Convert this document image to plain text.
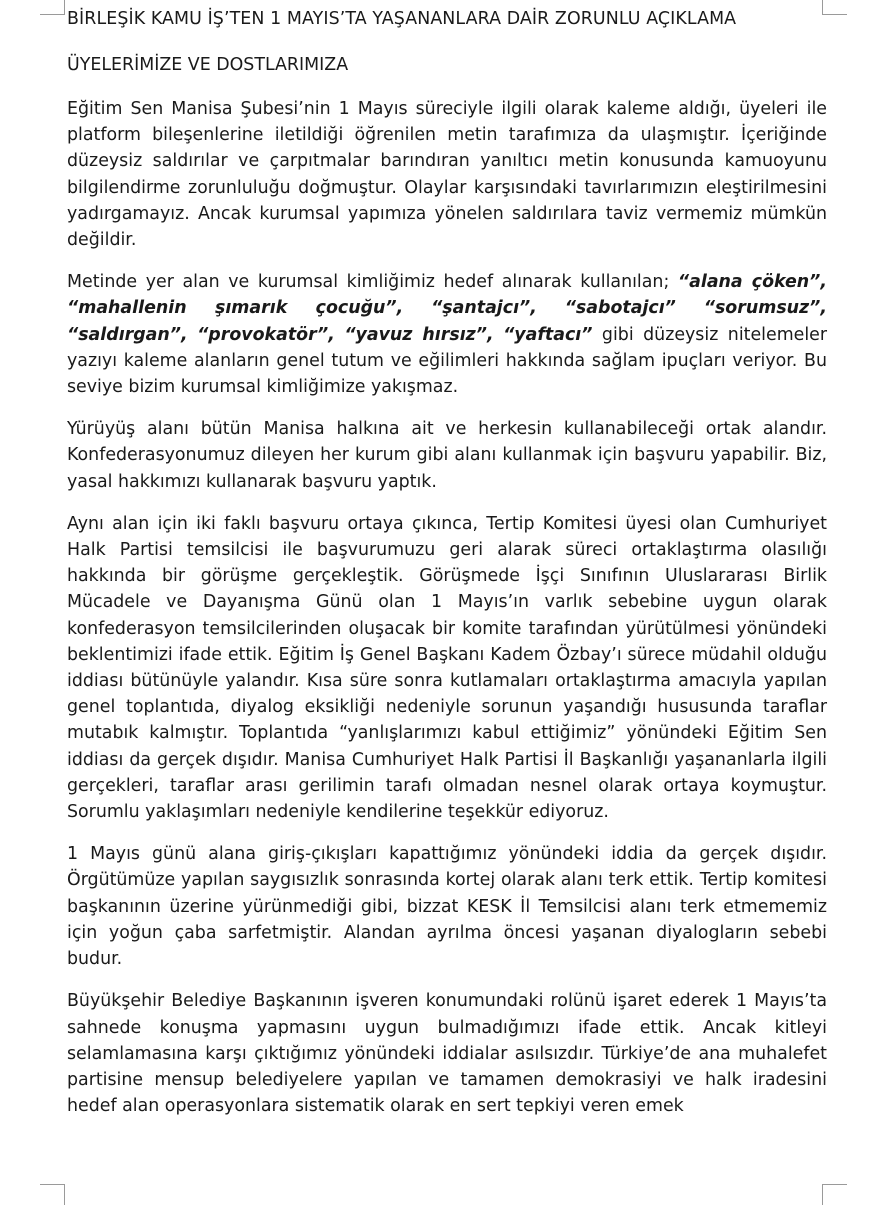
BİRLEŞİK KAMU İŞ’TEN 1 MAYIS’TA YAŞANANLARA DAİR ZORUNLU AÇIKLAMA
ÜYELERİMİZE VE DOSTLARIMIZA

Eğitim Sen Manisa Şubesi’nin 1 Mayıs süreciyle ilgili olarak kaleme aldığı, üyeleri ile platform bileşenlerine iletildiği öğrenilen metin tarafımıza da ulaşmıştır. İçeriğinde düzeysiz saldırılar ve çarpıtmalar barındıran yanıltıcı metin konusunda kamuoyunu bilgilendirme zorunluluğu doğmuştur. Olaylar karşısındaki tavırlarımızın eleştirilmesini yadırgamayız. Ancak kurumsal yapımıza yönelen saldırılara taviz vermemiz mümkün değildir.

Metinde yer alan ve kurumsal kimliğimiz hedef alınarak kullanılan; “alana çöken”, “mahallenin şımarık çocuğu”, “şantajcı”, “sabotajcı” “sorumsuz”, “saldırgan”, “provokatör”, “yavuz hırsız”, “yaftacı” gibi düzeysiz nitelemeler yazıyı kaleme alanların genel tutum ve eğilimleri hakkında sağlam ipuçları veriyor. Bu seviye bizim kurumsal kimliğimize yakışmaz.

Yürüyüş alanı bütün Manisa halkına ait ve herkesin kullanabileceği ortak alandır. Konfederasyonumuz dileyen her kurum gibi alanı kullanmak için başvuru yapabilir. Biz, yasal hakkımızı kullanarak başvuru yaptık.

Aynı alan için iki faklı başvuru ortaya çıkınca, Tertip Komitesi üyesi olan Cumhuriyet Halk Partisi temsilcisi ile başvurumuzu geri alarak süreci ortaklaştırma olasılığı hakkında bir görüşme gerçekleştik. Görüşmede İşçi Sınıfının Uluslararası Birlik Mücadele ve Dayanışma Günü olan 1 Mayıs’ın varlık sebebine uygun olarak konfederasyon temsilcilerinden oluşacak bir komite tarafından yürütülmesi yönündeki beklentimizi ifade ettik. Eğitim İş Genel Başkanı Kadem Özbay’ı sürece müdahil olduğu iddiası bütünüyle yalandır. Kısa süre sonra kutlamaları ortaklaştırma amacıyla yapılan genel toplantıda, diyalog eksikliği nedeniyle sorunun yaşandığı hususunda taraflar mutabık kalmıştır. Toplantıda “yanlışlarımızı kabul ettiğimiz” yönündeki Eğitim Sen iddiası da gerçek dışıdır. Manisa Cumhuriyet Halk Partisi İl Başkanlığı yaşananlarla ilgili gerçekleri, taraflar arası gerilimin tarafı olmadan nesnel olarak ortaya koymuştur. Sorumlu yaklaşımları nedeniyle kendilerine teşekkür ediyoruz.

1 Mayıs günü alana giriş-çıkışları kapattığımız yönündeki iddia da gerçek dışıdır. Örgütümüze yapılan saygısızlık sonrasında kortej olarak alanı terk ettik. Tertip komitesi başkanının üzerine yürünmediği gibi, bizzat KESK İl Temsilcisi alanı terk etmememiz için yoğun çaba sarfetmiştir. Alandan ayrılma öncesi yaşanan diyalogların sebebi budur.

Büyükşehir Belediye Başkanının işveren konumundaki rolünü işaret ederek 1 Mayıs’ta sahnede konuşma yapmasını uygun bulmadığımızı ifade ettik. Ancak kitleyi selamlamasına karşı çıktığımız yönündeki iddialar asılsızdır. Türkiye’de ana muhalefet partisine mensup belediyelere yapılan ve tamamen demokrasiyi ve halk iradesini hedef alan operasyonlara sistematik olarak en sert tepkiyi veren emek
